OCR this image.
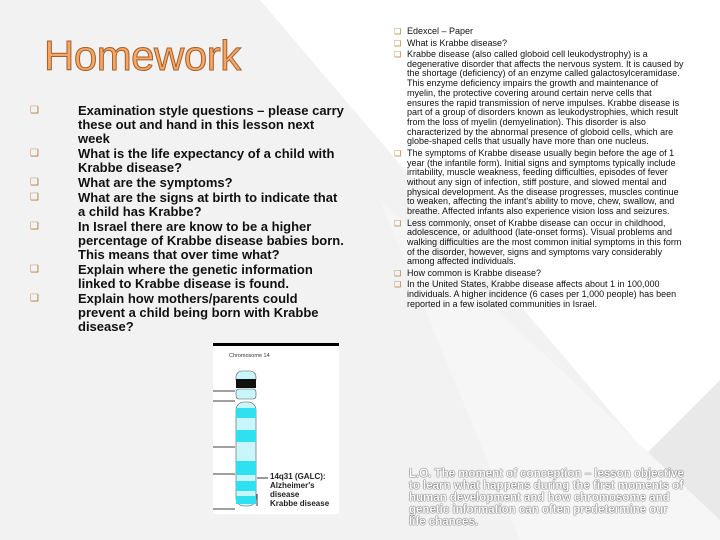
Homework
❑	Examination style questions – please carry these out and hand in this lesson next week
❑	What is the life expectancy of a child with Krabbe disease?
❑	What are the symptoms?
❑	What are the signs at birth to indicate that a child has Krabbe?
❑	In Israel there are know to be a higher percentage of Krabbe disease babies born. This means that over time what?
❑	Explain where the genetic information linked to Krabbe disease is found.
❑	Explain how mothers/parents could prevent a child being born with Krabbe disease?
❑ Edexcel – Paper
❑ What is Krabbe disease?
❑ Krabbe disease (also called globoid cell leukodystrophy) is a degenerative disorder that affects the nervous system. It is caused by the shortage (deficiency) of an enzyme called galactosylceramidase. This enzyme deficiency impairs the growth and maintenance of myelin, the protective covering around certain nerve cells that ensures the rapid transmission of nerve impulses. Krabbe disease is part of a group of disorders known as leukodystrophies, which result from the loss of myelin (demyelination). This disorder is also characterized by the abnormal presence of globoid cells, which are globe-shaped cells that usually have more than one nucleus.
❑ The symptoms of Krabbe disease usually begin before the age of 1 year (the infantile form). Initial signs and symptoms typically include irritability, muscle weakness, feeding difficulties, episodes of fever without any sign of infection, stiff posture, and slowed mental and physical development. As the disease progresses, muscles continue to weaken, affecting the infant's ability to move, chew, swallow, and breathe. Affected infants also experience vision loss and seizures.
❑ Less commonly, onset of Krabbe disease can occur in childhood, adolescence, or adulthood (late-onset forms). Visual problems and walking difficulties are the most common initial symptoms in this form of the disorder, however, signs and symptoms vary considerably among affected individuals.
❑ How common is Krabbe disease?
❑ In the United States, Krabbe disease affects about 1 in 100,000 individuals. A higher incidence (6 cases per 1,000 people) has been reported in a few isolated communities in Israel.
Chromosome 14
14q31 (GALC): Alzheimer's disease
Krabbe disease
L.O. The moment of conception – lesson objective to learn what happens during the first moments of human development and how chromosome and genetic information can often predetermine our life chances.
